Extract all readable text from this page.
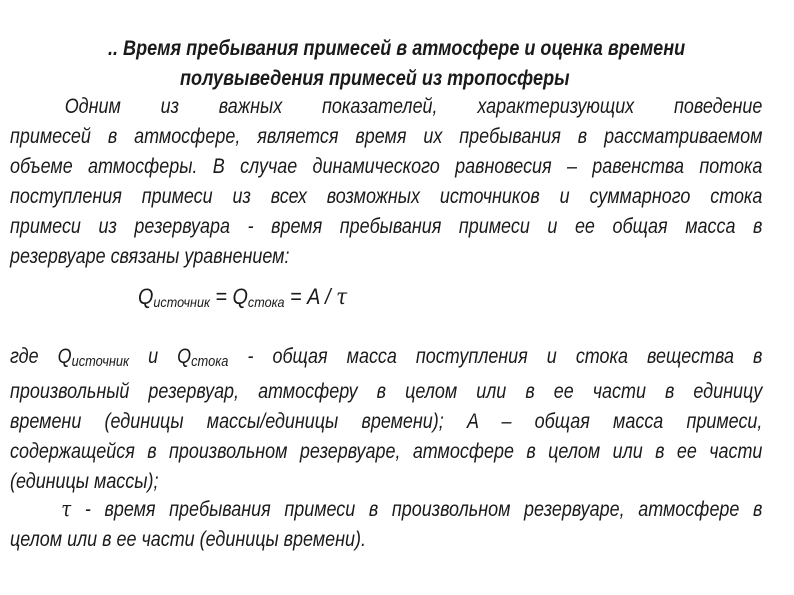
.. Время пребывания примесей в атмосфере и оценка времени
полувыведения примесей из тропосферы
Одним из важных показателей, характеризующих поведение
примесей в атмосфере, является время их пребывания в рассматриваемом
объеме атмосферы. В случае динамического равновесия – равенства потока
поступления примеси из всех возможных источников и суммарного стока
примеси из резервуара - время пребывания примеси и ее общая масса в
резервуаре связаны уравнением:
$Q_{источник} = Q_{стока} = A / \tau$
где  Qисточник  и  Qстока  -  общая  масса  поступления  и  стока  вещества  в
произвольный резервуар, атмосферу в целом или в ее части в единицу
времени (единицы массы/единицы времени); A – общая масса примеси,
содержащейся в произвольном резервуаре, атмосфере в целом или в ее части
(единицы массы);
τ - время пребывания примеси в произвольном резервуаре, атмосфере в
целом или в ее части (единицы времени).
